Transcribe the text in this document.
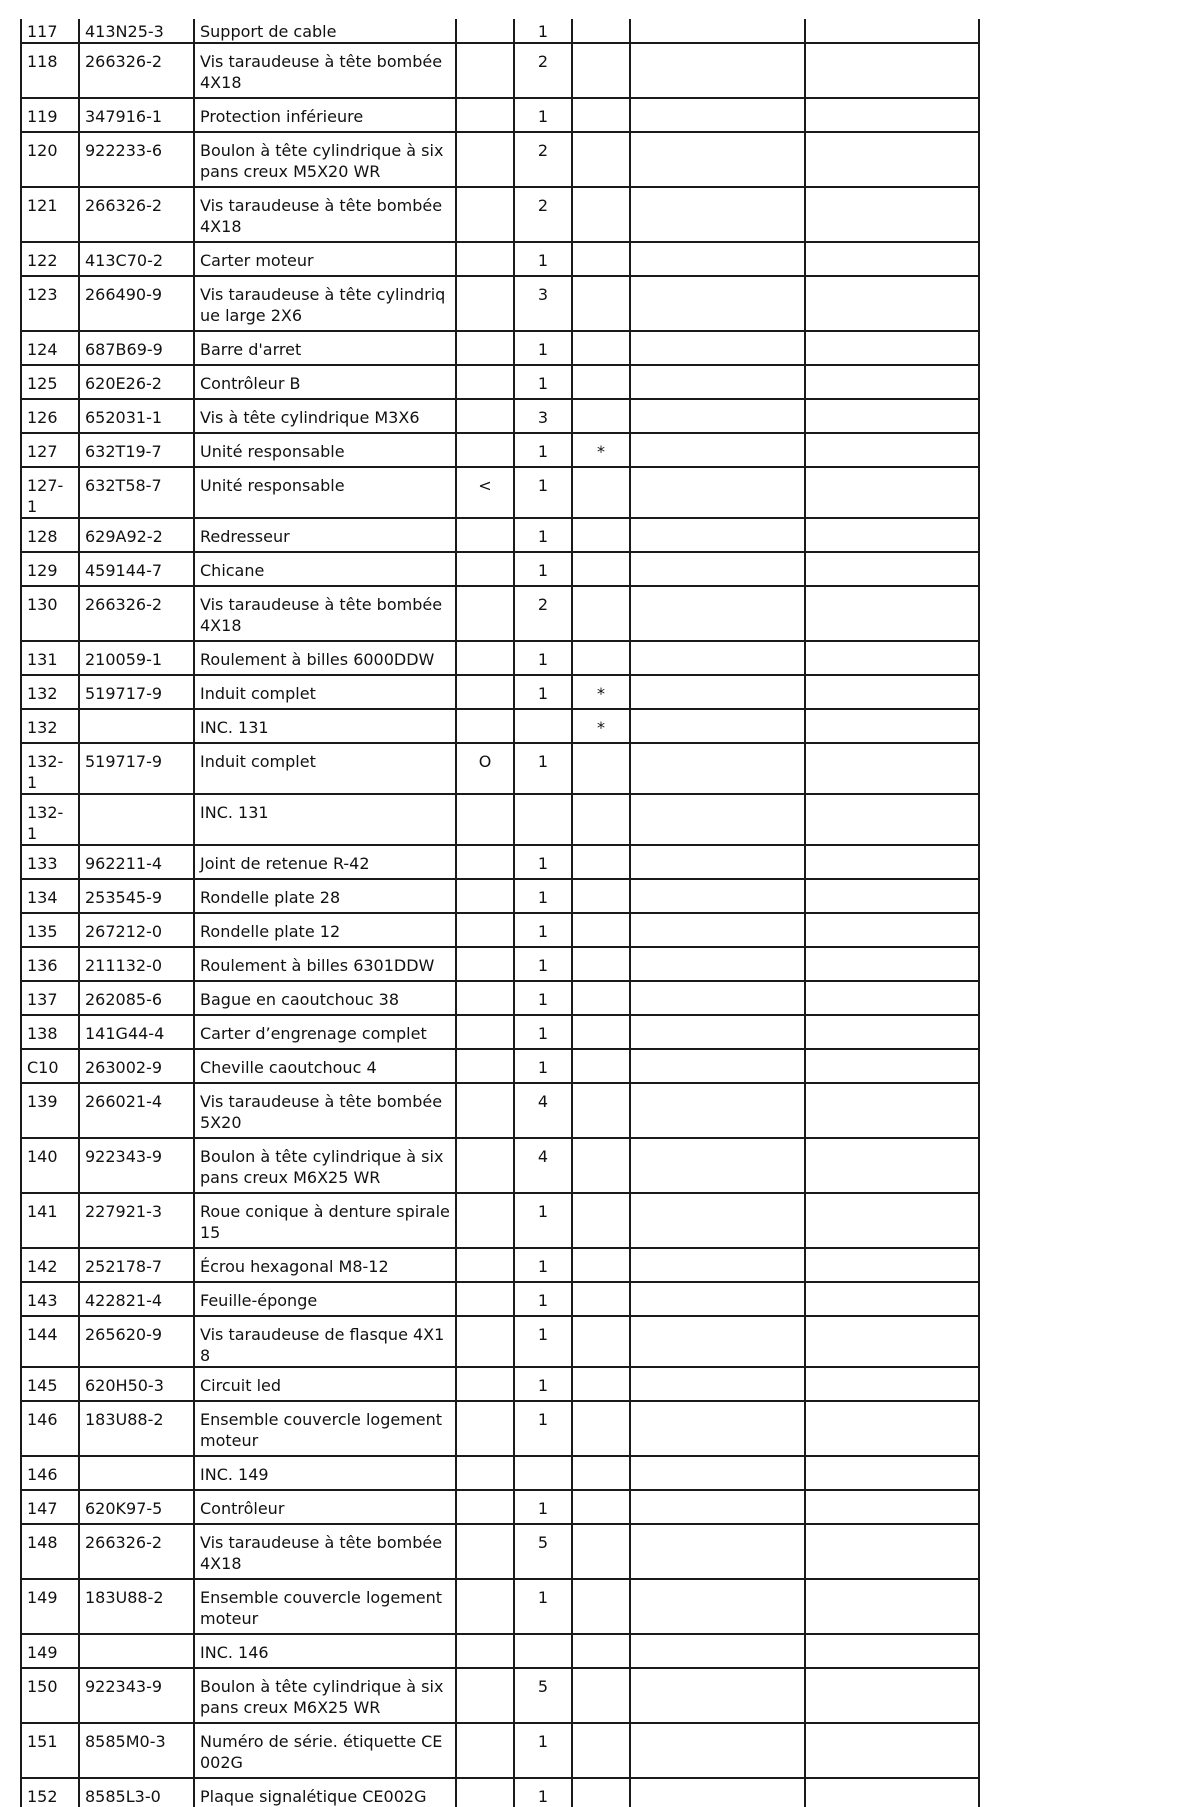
117	413N25-3	Support de cable		1			
118	266326-2	Vis taraudeuse à tête bombée 4X18		2			
119	347916-1	Protection inférieure		1			
120	922233-6	Boulon à tête cylindrique à six pans creux M5X20 WR		2			
121	266326-2	Vis taraudeuse à tête bombée 4X18		2			
122	413C70-2	Carter moteur		1			
123	266490-9	Vis taraudeuse à tête cylindrique large 2X6		3			
124	687B69-9	Barre d'arret		1			
125	620E26-2	Contrôleur B		1			
126	652031-1	Vis à tête cylindrique M3X6		3			
127	632T19-7	Unité responsable		1	*		
127-1	632T58-7	Unité responsable	<	1			
128	629A92-2	Redresseur		1			
129	459144-7	Chicane		1			
130	266326-2	Vis taraudeuse à tête bombée 4X18		2			
131	210059-1	Roulement à billes 6000DDW		1			
132	519717-9	Induit complet		1	*		
132		INC. 131			*		
132-1	519717-9	Induit complet	O	1			
132-1		INC. 131					
133	962211-4	Joint de retenue R-42		1			
134	253545-9	Rondelle plate 28		1			
135	267212-0	Rondelle plate 12		1			
136	211132-0	Roulement à billes 6301DDW		1			
137	262085-6	Bague en caoutchouc 38		1			
138	141G44-4	Carter d’engrenage complet		1			
C10	263002-9	Cheville caoutchouc 4		1			
139	266021-4	Vis taraudeuse à tête bombée 5X20		4			
140	922343-9	Boulon à tête cylindrique à six pans creux M6X25 WR		4			
141	227921-3	Roue conique à denture spirale 15		1			
142	252178-7	Écrou hexagonal M8-12		1			
143	422821-4	Feuille-éponge		1			
144	265620-9	Vis taraudeuse de flasque 4X18		1			
145	620H50-3	Circuit led		1			
146	183U88-2	Ensemble couvercle logement moteur		1			
146		INC. 149					
147	620K97-5	Contrôleur		1			
148	266326-2	Vis taraudeuse à tête bombée 4X18		5			
149	183U88-2	Ensemble couvercle logement moteur		1			
149		INC. 146					
150	922343-9	Boulon à tête cylindrique à six pans creux M6X25 WR		5			
151	8585M0-3	Numéro de série. étiquette CE002G		1			
152	8585L3-0	Plaque signalétique CE002G		1			
